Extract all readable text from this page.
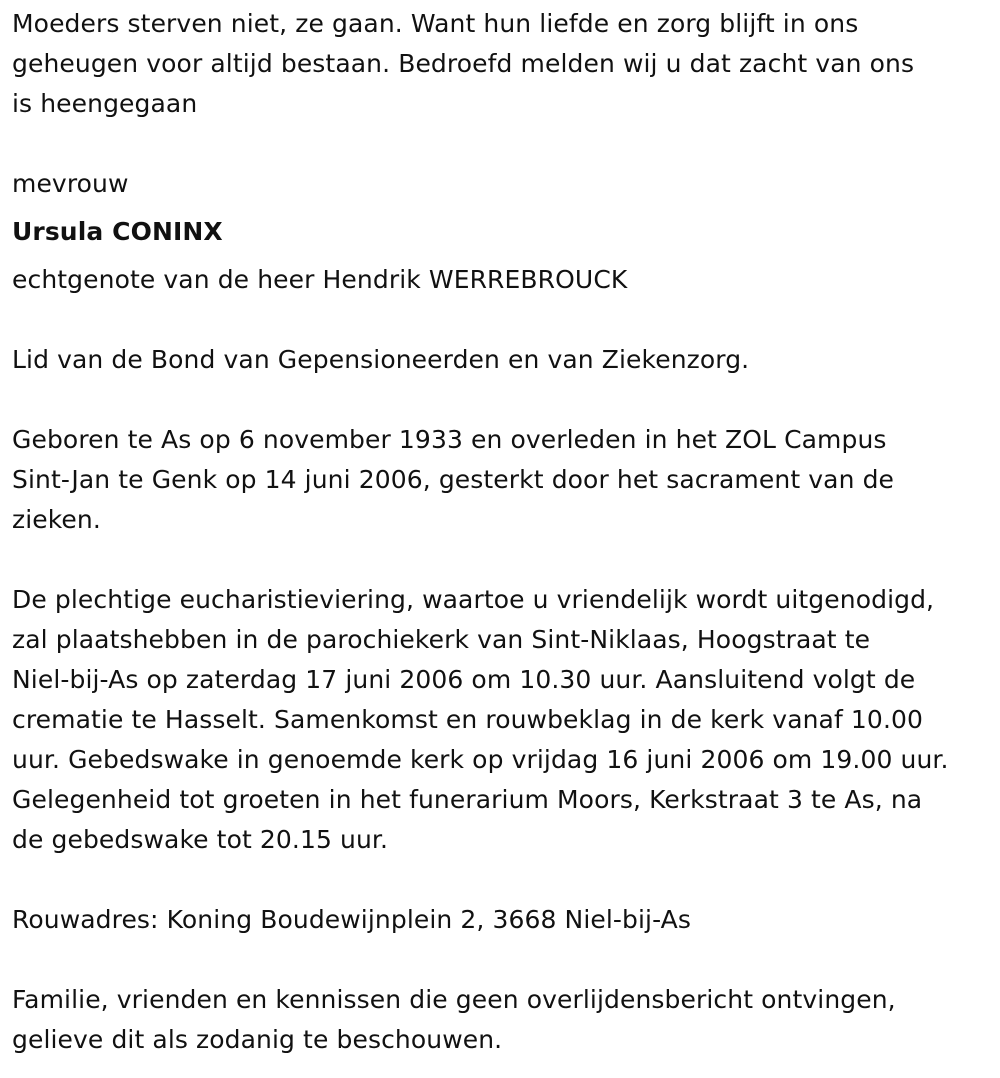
Moeders sterven niet, ze gaan. Want hun liefde en zorg blijft in ons

geheugen voor altijd bestaan. Bedroefd melden wij u dat zacht van ons

is heengegaan

mevrouw

Ursula CONINX

echtgenote van de heer Hendrik WERREBROUCK

Lid van de Bond van Gepensioneerden en van Ziekenzorg.

Geboren te As op 6 november 1933 en overleden in het ZOL Campus

Sint-Jan te Genk op 14 juni 2006, gesterkt door het sacrament van de

zieken.

De plechtige eucharistieviering, waartoe u vriendelijk wordt uitgenodigd,

zal plaatshebben in de parochiekerk van Sint-Niklaas, Hoogstraat te

Niel-bij-As op zaterdag 17 juni 2006 om 10.30 uur. Aansluitend volgt de

crematie te Hasselt. Samenkomst en rouwbeklag in de kerk vanaf 10.00

uur. Gebedswake in genoemde kerk op vrijdag 16 juni 2006 om 19.00 uur.

Gelegenheid tot groeten in het funerarium Moors, Kerkstraat 3 te As, na

de gebedswake tot 20.15 uur.

Rouwadres: Koning Boudewijnplein 2, 3668 Niel-bij-As

Familie, vrienden en kennissen die geen overlijdensbericht ontvingen,

gelieve dit als zodanig te beschouwen.
